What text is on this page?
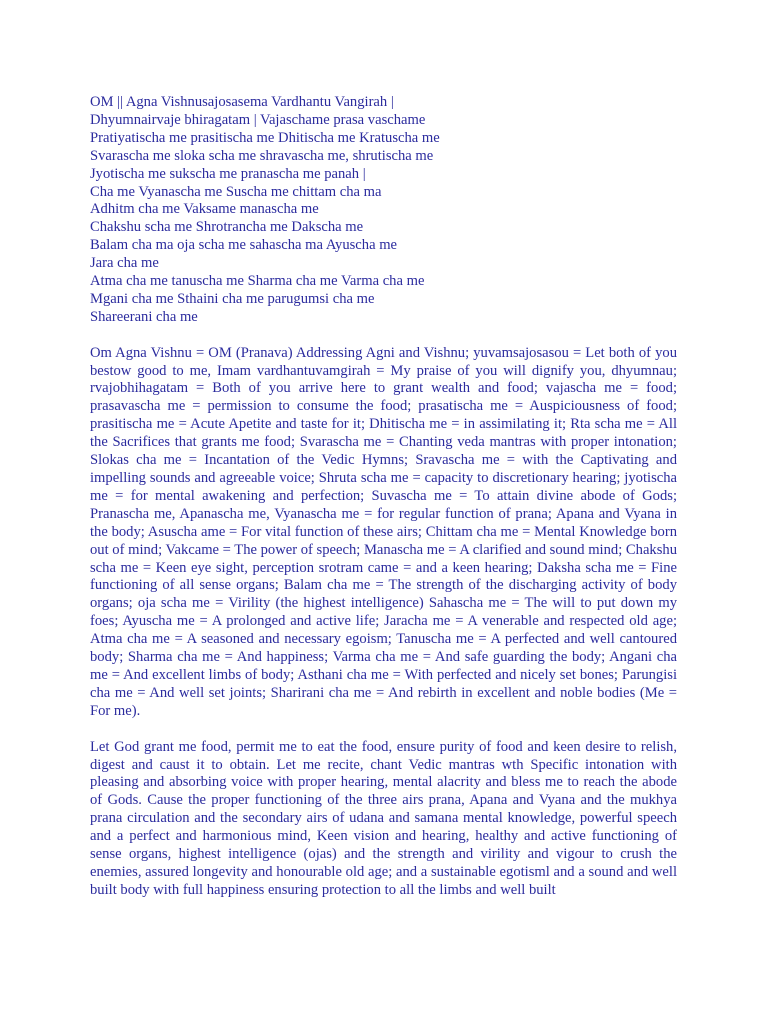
OM || Agna Vishnusajosasema Vardhantu Vangirah |
Dhyumnairvaje bhiragatam | Vajaschame prasa vaschame
Pratiyatischa me prasitischa me Dhitischa me Kratuscha me
Svarascha me sloka scha me shravascha me, shrutischa me
Jyotischa me sukscha me pranascha me panah |
Cha me Vyanascha me Suscha me chittam cha ma
Adhitm cha me Vaksame manascha me
Chakshu scha me Shrotrancha me Dakscha me
Balam cha ma oja scha me sahascha ma Ayuscha me
Jara cha me
Atma cha me tanuscha me Sharma cha me Varma cha me
Mgani cha me Sthaini cha me parugumsi cha me
Shareerani cha me

Om Agna Vishnu = OM (Pranava) Addressing Agni and Vishnu; yuvamsajosasou = Let both of you bestow good to me, Imam vardhantuvamgirah = My praise of you will dignify you, dhyumnau; rvajobhihagatam = Both of you arrive here to grant wealth and food; vajascha me = food; prasavascha me = permission to consume the food; prasatischa me = Auspiciousness of food; prasitischa me = Acute Apetite and taste for it; Dhitischa me = in assimilating it; Rta scha me = All the Sacrifices that grants me food; Svarascha me = Chanting veda mantras with proper intonation; Slokas cha me = Incantation of the Vedic Hymns; Sravascha me = with the Captivating and impelling sounds and agreeable voice; Shruta scha me = capacity to discretionary hearing; jyotischa me = for mental awakening and perfection; Suvascha me = To attain divine abode of Gods; Pranascha me, Apanascha me, Vyanascha me = for regular function of prana; Apana and Vyana in the body; Asuscha ame = For vital function of these airs; Chittam cha me = Mental Knowledge born out of mind; Vakcame = The power of speech; Manascha me = A clarified and sound mind; Chakshu scha me = Keen eye sight, perception srotram came = and a keen hearing; Daksha scha me = Fine functioning of all sense organs; Balam cha me = The strength of the discharging activity of body organs; oja scha me = Virility (the highest intelligence) Sahascha me = The will to put down my foes; Ayuscha me = A prolonged and active life; Jaracha me = A venerable and respected old age; Atma cha me = A seasoned and necessary egoism; Tanuscha me = A perfected and well cantoured body; Sharma cha me = And happiness; Varma cha me = And safe guarding the body; Angani cha me = And excellent limbs of body; Asthani cha me = With perfected and nicely set bones; Parungisi cha me = And well set joints; Sharirani cha me = And rebirth in excellent and noble bodies (Me = For me).

Let God grant me food, permit me to eat the food, ensure purity of food and keen desire to relish, digest and caust it to obtain. Let me recite, chant Vedic mantras wth Specific intonation with pleasing and absorbing voice with proper hearing, mental alacrity and bless me to reach the abode of Gods. Cause the proper functioning of the three airs prana, Apana and Vyana and the mukhya prana circulation and the secondary airs of udana and samana mental knowledge, powerful speech and a perfect and harmonious mind, Keen vision and hearing, healthy and active functioning of sense organs, highest intelligence (ojas) and the strength and virility and vigour to crush the enemies, assured longevity and honourable old age; and a sustainable egotisml and a sound and well built body with full happiness ensuring protection to all the limbs and well built
